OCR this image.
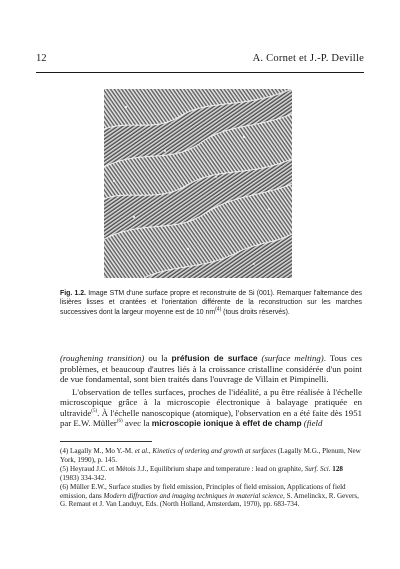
12	A. Cornet et J.-P. Deville
Fig. 1.2. Image STM d'une surface propre et reconstruite de Si (001). Remarquer l'alternance des lisières lisses et crantées et l'orientation différente de la reconstruction sur les marches successives dont la largeur moyenne est de 10 $nm^{(4)}$ (tous droits réservés).

(roughening transition) ou la préfusion de surface (surface melting). Tous ces problèmes, et beaucoup d'autres liés à la croissance cristalline considérée d'un point de vue fondamental, sont bien traités dans l'ouvrage de Villain et Pimpinelli.

L'observation de telles surfaces, proches de l'idéalité, a pu être réalisée à l'échelle microscopique grâce à la microscopie électronique à balayage pratiquée en ultravide$^{(5)}$. À l'échelle nanoscopique (atomique), l'observation en a été faite dès 1951 par E.W. Müller$^{(6)}$ avec la microscopie ionique à effet de champ (field

(4) Lagally M., Mo Y.-M. et al., Kinetics of ordering and growth at surfaces (Lagally M.G., Plenum, New York, 1990), p. 145.

(5) Heyraud J.C. et Métois J.J., Equilibrium shape and temperature : lead on graphite, Surf. Sci. 128 (1983) 334-342.

(6) Müller E.W., Surface studies by field emission, Principles of field emission, Applications of field emission, dans Modern diffraction and imaging techniques in material science, S. Amelinckx, R. Gevers, G. Remaut et J. Van Landuyt, Eds. (North Holland, Amsterdam, 1970), pp. 683-734.
